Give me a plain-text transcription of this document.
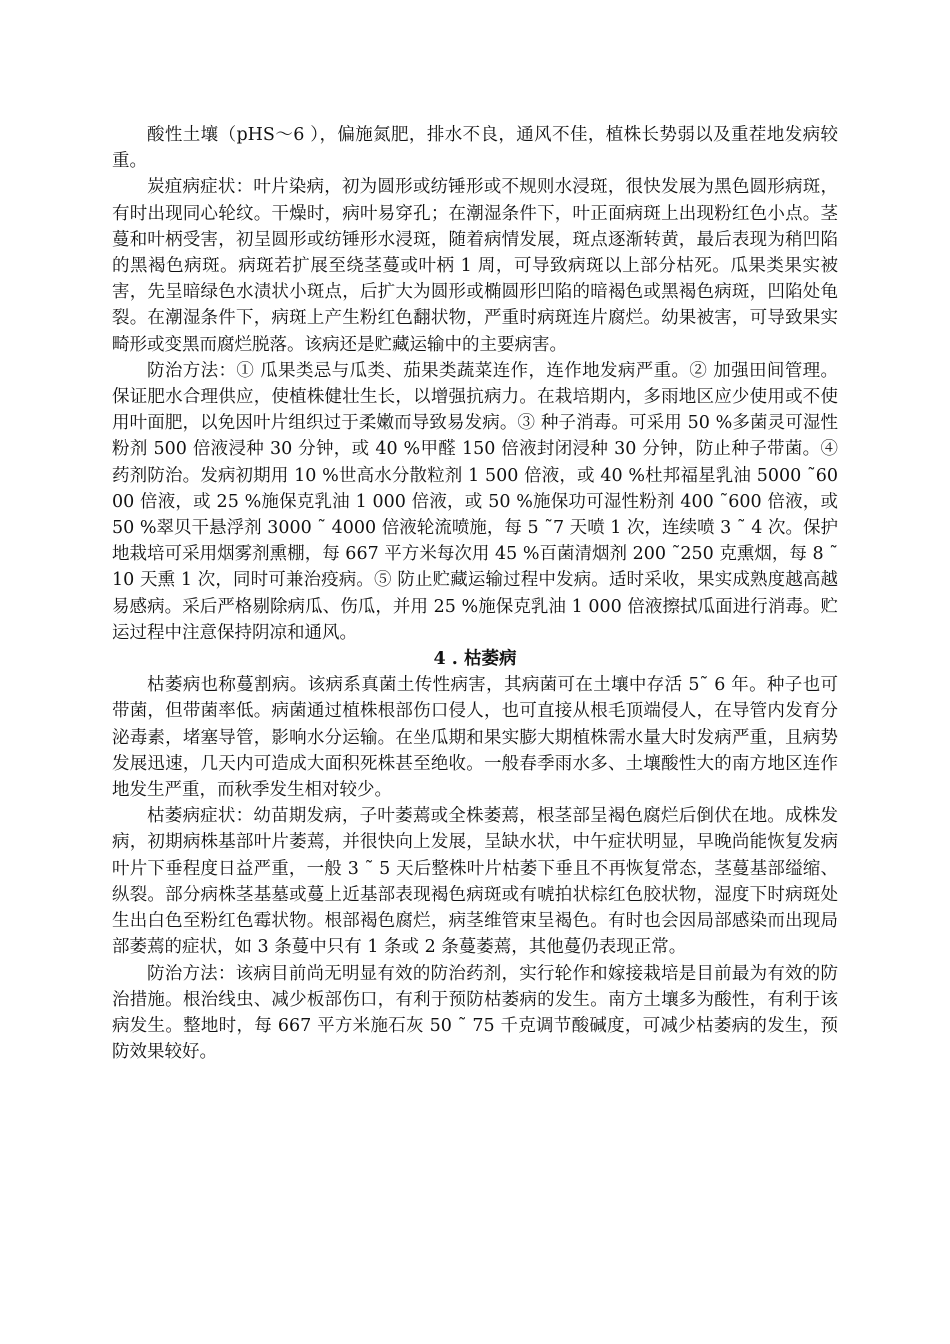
酸性土壤（pHS～6 ），偏施氮肥，排水不良，通风不佳，植株长势弱以及重茬地发病较重。

炭疽病症状：叶片染病，初为圆形或纺锤形或不规则水浸斑，很快发展为黑色圆形病斑，有时出现同心轮纹。干燥时，病叶易穿孔；在潮湿条件下，叶正面病斑上出现粉红色小点。茎蔓和叶柄受害，初呈圆形或纺锤形水浸斑，随着病情发展，斑点逐渐转黄，最后表现为稍凹陷的黑褐色病斑。病斑若扩展至绕茎蔓或叶柄 1 周，可导致病斑以上部分枯死。瓜果类果实被害，先呈暗绿色水渍状小斑点，后扩大为圆形或椭圆形凹陷的暗褐色或黑褐色病斑，凹陷处龟裂。在潮湿条件下，病斑上产生粉红色翻状物，严重时病斑连片腐烂。幼果被害，可导致果实畸形或变黑而腐烂脱落。该病还是贮藏运输中的主要病害。

防治方法：① 瓜果类忌与瓜类、茄果类蔬菜连作，连作地发病严重。② 加强田间管理。保证肥水合理供应，使植株健壮生长，以增强抗病力。在栽培期内，多雨地区应少使用或不使用叶面肥，以免因叶片组织过于柔嫩而导致易发病。③ 种子消毒。可采用 50 %多菌灵可湿性粉剂 500 倍液浸种 30 分钟，或 40 %甲醛 150 倍液封闭浸种 30 分钟，防止种子带菌。④ 药剂防治。发病初期用 10 %世高水分散粒剂 1 500 倍液，或 40 %杜邦福星乳油 5000 ˜6000 倍液，或 25 %施保克乳油 1 000 倍液，或 50 %施保功可湿性粉剂 400 ˜600 倍液，或 50 %翠贝干悬浮剂 3000 ˜ 4000 倍液轮流喷施，每 5 ˜7 天喷 1 次，连续喷 3 ˜ 4 次。保护地栽培可采用烟雾剂熏棚，每 667 平方米每次用 45 %百菌清烟剂 200 ˜250 克熏烟，每 8 ˜ 10 天熏 1 次，同时可兼治疫病。⑤ 防止贮藏运输过程中发病。适时采收，果实成熟度越高越易感病。采后严格剔除病瓜、伤瓜，并用 25 %施保克乳油 1 000 倍液擦拭瓜面进行消毒。贮运过程中注意保持阴凉和通风。

4 . 枯萎病

枯萎病也称蔓割病。该病系真菌土传性病害，其病菌可在土壤中存活 5˜ 6 年。种子也可带菌，但带菌率低。病菌通过植株根部伤口侵人，也可直接从根毛顶端侵人，在导管内发育分泌毒素，堵塞导管，影响水分运输。在坐瓜期和果实膨大期植株需水量大时发病严重，且病势发展迅速，几天内可造成大面积死株甚至绝收。一般春季雨水多、土壤酸性大的南方地区连作地发生严重，而秋季发生相对较少。

枯萎病症状：幼苗期发病，子叶萎蔫或全株萎蔫，根茎部呈褐色腐烂后倒伏在地。成株发病，初期病株基部叶片萎蔫，并很快向上发展，呈缺水状，中午症状明显，早晚尚能恢复发病叶片下垂程度日益严重，一般 3 ˜ 5 天后整株叶片枯萎下垂且不再恢复常态，茎蔓基部缢缩、纵裂。部分病株茎基墓或蔓上近基部表现褐色病斑或有唬拍状棕红色胶状物，湿度下时病斑处生出白色至粉红色霉状物。根部褐色腐烂，病茎维管束呈褐色。有时也会因局部感染而出现局部萎蔫的症状，如 3 条蔓中只有 1 条或 2 条蔓萎蔫，其他蔓仍表现正常。

防治方法：该病目前尚无明显有效的防治药剂，实行轮作和嫁接栽培是目前最为有效的防治措施。根治线虫、减少板部伤口，有利于预防枯萎病的发生。南方土壤多为酸性，有利于该病发生。整地时，每 667 平方米施石灰 50 ˜ 75 千克调节酸碱度，可减少枯萎病的发生，预防效果较好。
